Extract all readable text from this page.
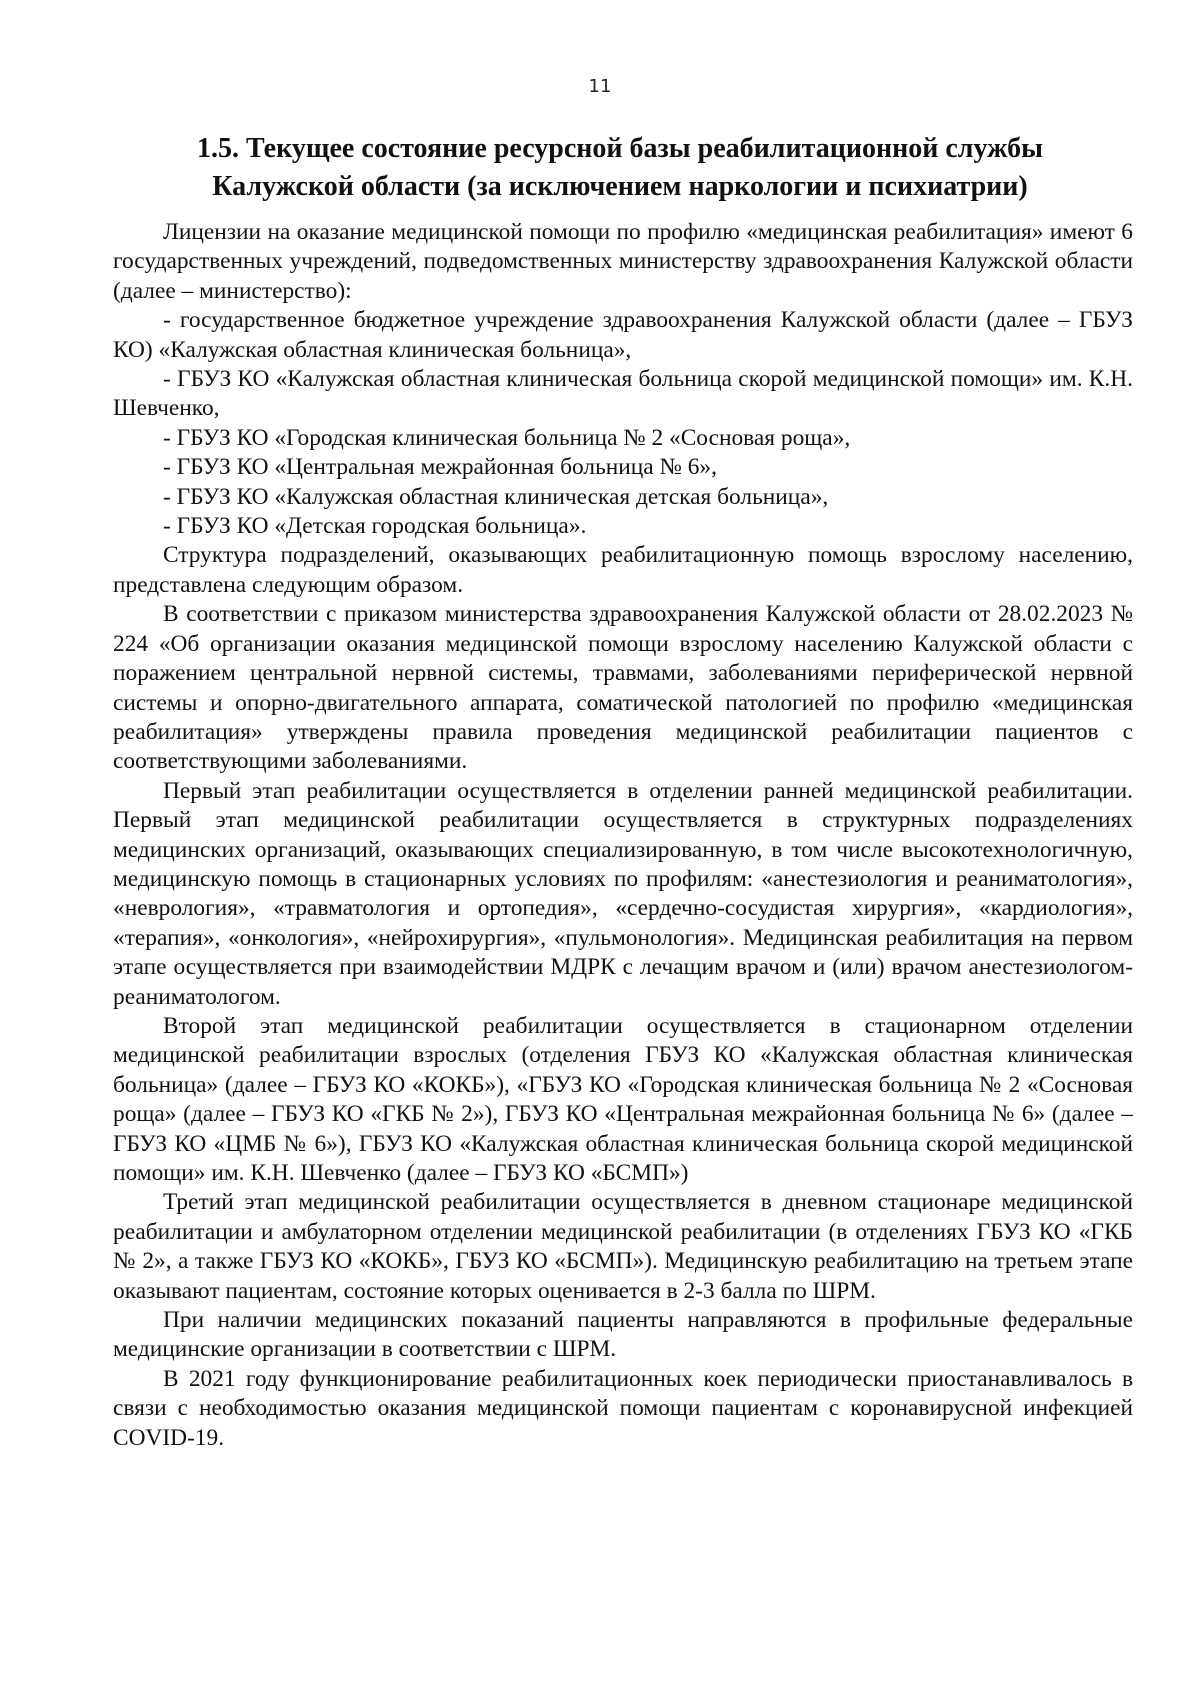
11
1.5. Текущее состояние ресурсной базы реабилитационной службы
Калужской области (за исключением наркологии и психиатрии)

Лицензии на оказание медицинской помощи по профилю «медицинская реабилитация» имеют 6 государственных учреждений, подведомственных министерству здравоохранения Калужской области (далее – министерство):

- государственное бюджетное учреждение здравоохранения Калужской области (далее – ГБУЗ КО) «Калужская областная клиническая больница»,

- ГБУЗ КО «Калужская областная клиническая больница скорой медицинской помощи» им. К.Н. Шевченко,

- ГБУЗ КО «Городская клиническая больница № 2 «Сосновая роща»,

- ГБУЗ КО «Центральная межрайонная больница № 6»,

- ГБУЗ КО «Калужская областная клиническая детская больница»,

- ГБУЗ КО «Детская городская больница».

Структура подразделений, оказывающих реабилитационную помощь взрослому населению, представлена следующим образом.

В соответствии с приказом министерства здравоохранения Калужской области от 28.02.2023 № 224 «Об организации оказания медицинской помощи взрослому населению Калужской области с поражением центральной нервной системы, травмами, заболеваниями периферической нервной системы и опорно-двигательного аппарата, соматической патологией по профилю «медицинская реабилитация» утверждены правила проведения медицинской реабилитации пациентов с соответствующими заболеваниями.

Первый этап реабилитации осуществляется в отделении ранней медицинской реабилитации. Первый этап медицинской реабилитации осуществляется в структурных подразделениях медицинских организаций, оказывающих специализированную, в том числе высокотехнологичную, медицинскую помощь в стационарных условиях по профилям: «анестезиология и реаниматология», «неврология», «травматология и ортопедия», «сердечно-сосудистая хирургия», «кардиология», «терапия», «онкология», «нейрохирургия», «пульмонология». Медицинская реабилитация на первом этапе осуществляется при взаимодействии МДРК с лечащим врачом и (или) врачом анестезиологом-реаниматологом.

Второй этап медицинской реабилитации осуществляется в стационарном отделении медицинской реабилитации взрослых (отделения ГБУЗ КО «Калужская областная клиническая больница» (далее – ГБУЗ КО «КОКБ»), «ГБУЗ КО «Городская клиническая больница № 2 «Сосновая роща» (далее – ГБУЗ КО «ГКБ № 2»), ГБУЗ КО «Центральная межрайонная больница № 6» (далее – ГБУЗ КО «ЦМБ № 6»), ГБУЗ КО «Калужская областная клиническая больница скорой медицинской помощи» им. К.Н. Шевченко (далее – ГБУЗ КО «БСМП»)

Третий этап медицинской реабилитации осуществляется в дневном стационаре медицинской реабилитации и амбулаторном отделении медицинской реабилитации (в отделениях ГБУЗ КО «ГКБ № 2», а также ГБУЗ КО «КОКБ», ГБУЗ КО «БСМП»). Медицинскую реабилитацию на третьем этапе оказывают пациентам, состояние которых оценивается в 2-3 балла по ШРМ.

При наличии медицинских показаний пациенты направляются в профильные федеральные медицинские организации в соответствии с ШРМ.

В 2021 году функционирование реабилитационных коек периодически приостанавливалось в связи с необходимостью оказания медицинской помощи пациентам с коронавирусной инфекцией COVID-19.
